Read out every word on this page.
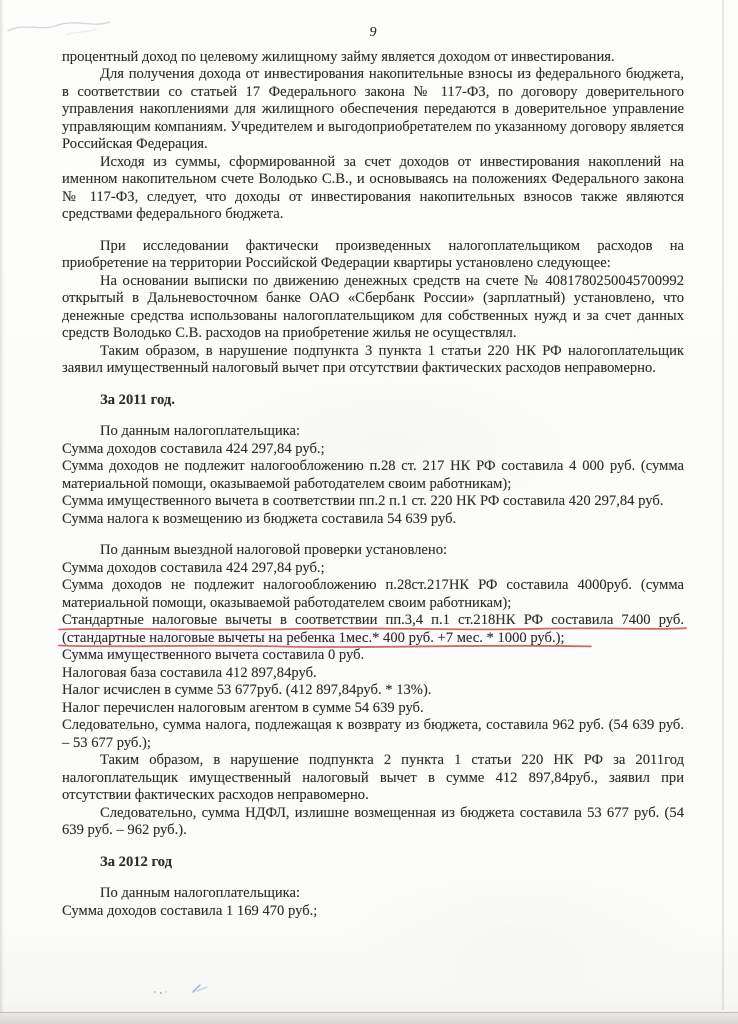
9

процентный доход по целевому жилищному займу является доходом от инвестирования.

Для получения дохода от инвестирования накопительные взносы из федерального бюджета, в соответствии со статьей 17 Федерального закона № 117-ФЗ, по договору доверительного управления накоплениями для жилищного обеспечения передаются в доверительное управление управляющим компаниям. Учредителем и выгодоприобретателем по указанному договору является Российская Федерация.

Исходя из суммы, сформированной за счет доходов от инвестирования накоплений на именном накопительном счете Володько С.В., и основываясь на положениях Федерального закона № 117-ФЗ, следует, что доходы от инвестирования накопительных взносов также являются средствами федерального бюджета.

При исследовании фактически произведенных налогоплательщиком расходов на приобретение на территории Российской Федерации квартиры установлено следующее:

На основании выписки по движению денежных средств на счете № 4081780250045700992 открытый в Дальневосточном банке ОАО «Сбербанк России» (зарплатный) установлено, что денежные средства использованы налогоплательщиком для собственных нужд и за счет данных средств Володько С.В. расходов на приобретение жилья не осуществлял.

Таким образом, в нарушение подпункта 3 пункта 1 статьи 220 НК РФ налогоплательщик заявил имущественный налоговый вычет при отсутствии фактических расходов неправомерно.

За 2011 год.

По данным налогоплательщика:

Сумма доходов составила 424 297,84 руб.;

Сумма доходов не подлежит налогообложению п.28 ст. 217 НК РФ составила 4 000 руб. (сумма материальной помощи, оказываемой работодателем своим работникам);

Сумма имущественного вычета в соответствии пп.2 п.1 ст. 220 НК РФ составила 420 297,84 руб.

Сумма налога к возмещению из бюджета составила 54 639 руб.

По данным выездной налоговой проверки установлено:

Сумма доходов составила 424 297,84 руб.;

Сумма доходов не подлежит налогообложению п.28ст.217НК РФ составила 4000руб. (сумма материальной помощи, оказываемой работодателем своим работникам);

Стандартные налоговые вычеты в соответствии пп.3,4 п.1 ст.218НК РФ составила 7400 руб.

(стандартные налоговые вычеты на ребенка 1мес.* 400 руб. +7 мес. * 1000 руб.);

Сумма имущественного вычета составила 0 руб.

Налоговая база составила 412 897,84руб.

Налог исчислен в сумме 53 677руб. (412 897,84руб. * 13%).

Налог перечислен налоговым агентом в сумме 54 639 руб.

Следовательно, сумма налога, подлежащая к возврату из бюджета, составила 962 руб. (54 639 руб. – 53 677 руб.);

Таким образом, в нарушение подпункта 2 пункта 1 статьи 220 НК РФ за 2011год налогоплательщик имущественный налоговый вычет в сумме 412 897,84руб., заявил при отсутствии фактических расходов неправомерно.

Следовательно, сумма НДФЛ, излишне возмещенная из бюджета составила 53 677 руб. (54 639 руб. – 962 руб.).

За 2012 год

По данным налогоплательщика:

Сумма доходов составила 1 169 470 руб.;
